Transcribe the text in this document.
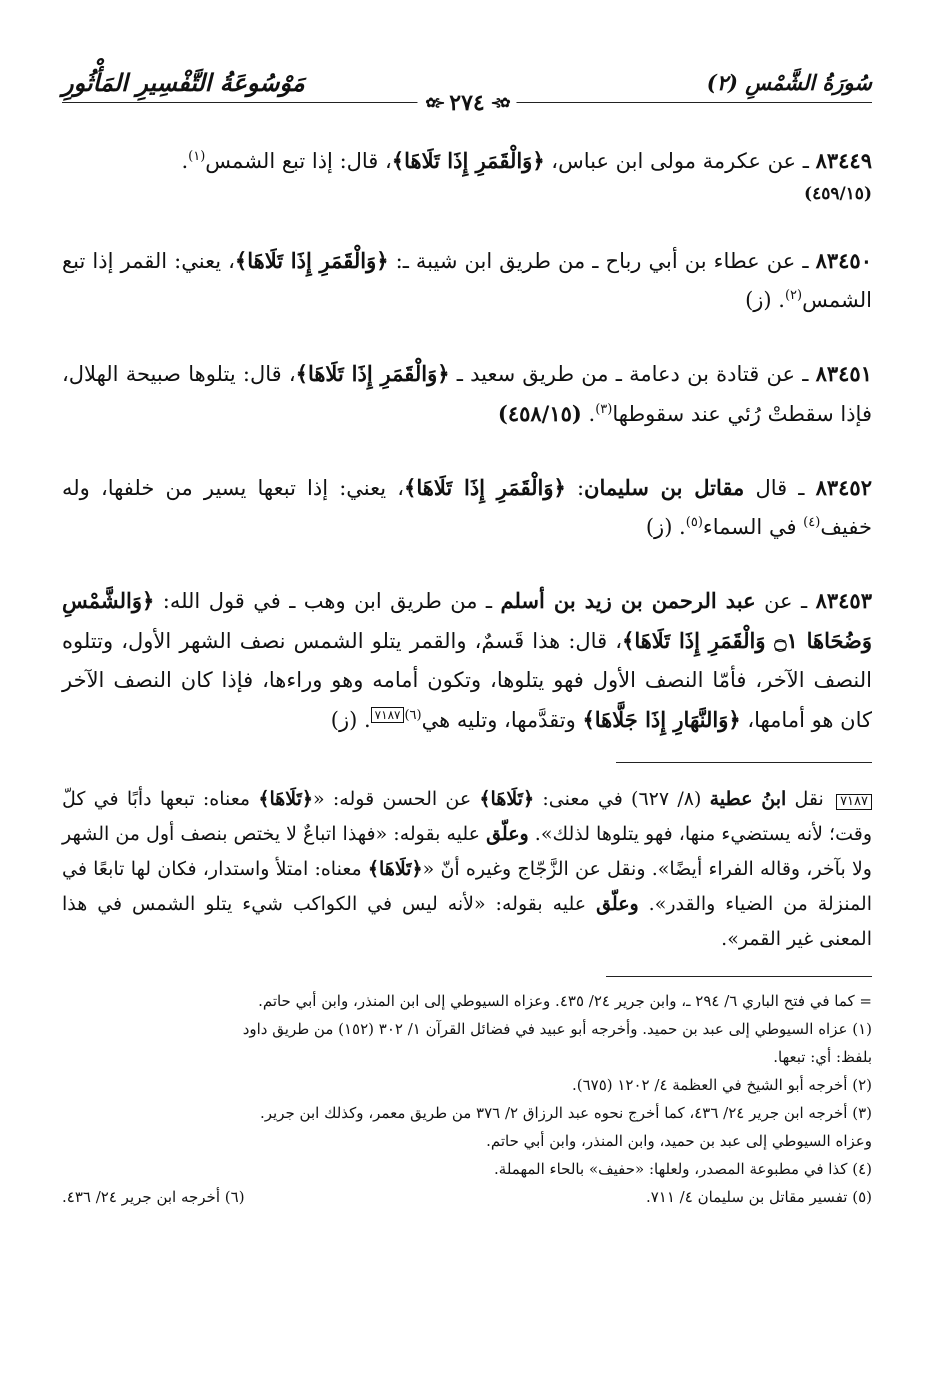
سُورَةُ الشَّمْسِ (٢)
مَوْسُوعَةُ التَّفْسِيرِ المَأْثُورِ
✿⊱
٢٧٤
⊰✿

٨٣٤٤٩ ـ عن عكرمة مولى ابن عباس، ﴿وَالْقَمَرِ إِذَا تَلَاهَا﴾، قال: إذا تبع الشمس$^{(١)}$.
(٤٥٩/١٥)

٨٣٤٥٠ ـ عن عطاء بن أبي رباح ـ من طريق ابن شيبة ـ: ﴿وَالْقَمَرِ إِذَا تَلَاهَا﴾، يعني: القمر إذا تبع الشمس$^{(٢)}$. (ز)

٨٣٤٥١ ـ عن قتادة بن دعامة ـ من طريق سعيد ـ ﴿وَالْقَمَرِ إِذَا تَلَاهَا﴾، قال: يتلوها صبيحة الهلال، فإذا سقطتْ رُئي عند سقوطها$^{(٣)}$. (٤٥٨/١٥)

٨٣٤٥٢ ـ قال مقاتل بن سليمان: ﴿وَالْقَمَرِ إِذَا تَلَاهَا﴾، يعني: إذا تبعها يسير من خلفها، وله خفيف$^{(٤)}$ في السماء$^{(٥)}$. (ز)

٨٣٤٥٣ ـ عن عبد الرحمن بن زيد بن أسلم ـ من طريق ابن وهب ـ في قول الله: ﴿وَالشَّمْسِ وَضُحَاهَا ۝١ وَالْقَمَرِ إِذَا تَلَاهَا﴾، قال: هذا قَسمٌ، والقمر يتلو الشمس نصف الشهر الأول، وتتلوه النصف الآخر، فأمّا النصف الأول فهو يتلوها، وتكون أمامه وهو وراءها، فإذا كان النصف الآخر كان هو أمامها، ﴿وَالنَّهَارِ إِذَا جَلَّاهَا﴾ وتقدَّمها، وتليه هي$^{(٦)}$٧١٨٧. (ز)

٧١٨٧ نقل ابنُ عطية (٨/ ٦٢٧) في معنى: ﴿تَلَاهَا﴾ عن الحسن قوله: «﴿تَلَاهَا﴾ معناه: تبعها دأبًا في كلّ وقت؛ لأنه يستضيء منها، فهو يتلوها لذلك». وعلّق عليه بقوله: «فهذا اتباعٌ لا يختص بنصف أول من الشهر ولا بآخر، وقاله الفراء أيضًا». ونقل عن الزَّجّاج وغيره أنّ «﴿تَلَاهَا﴾ معناه: امتلأ واستدار، فكان لها تابعًا في المنزلة من الضياء والقدر». وعلّق عليه بقوله: «لأنه ليس في الكواكب شيء يتلو الشمس في هذا المعنى غير القمر».

= كما في فتح الباري ٦/ ٢٩٤ ـ، وابن جرير ٢٤/ ٤٣٥. وعزاه السيوطي إلى ابن المنذر، وابن أبي حاتم.
(١) عزاه السيوطي إلى عبد بن حميد. وأخرجه أبو عبيد في فضائل القرآن ١/ ٣٠٢ (١٥٢) من طريق داود
بلفظ: أي: تبعها.
(٢) أخرجه أبو الشيخ في العظمة ٤/ ١٢٠٢ (٦٧٥).
(٣) أخرجه ابن جرير ٢٤/ ٤٣٦، كما أخرج نحوه عبد الرزاق ٢/ ٣٧٦ من طريق معمر، وكذلك ابن جرير.
وعزاه السيوطي إلى عبد بن حميد، وابن المنذر، وابن أبي حاتم.
(٤) كذا في مطبوعة المصدر، ولعلها: «حفيف» بالحاء المهملة.
(٥) تفسير مقاتل بن سليمان ٤/ ٧١١.
(٦) أخرجه ابن جرير ٢٤/ ٤٣٦.
